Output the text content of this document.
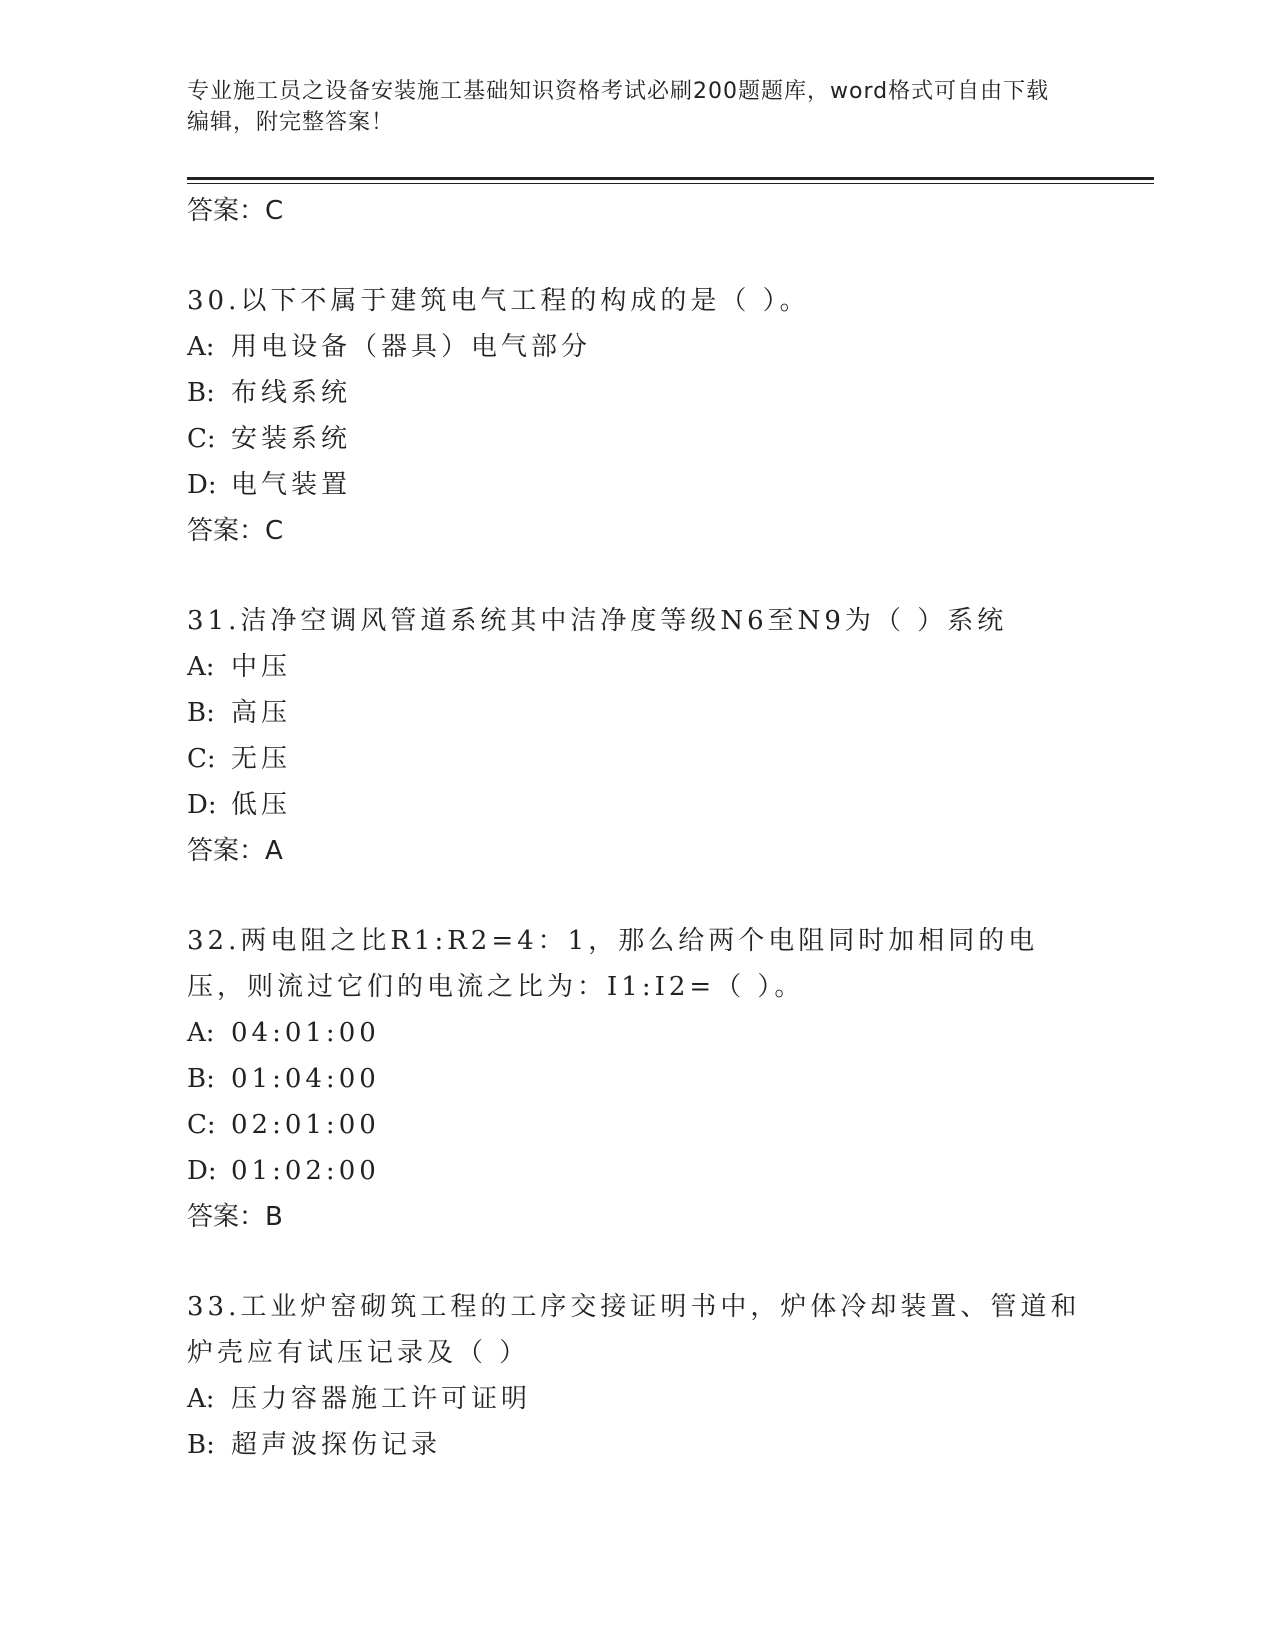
专业施工员之设备安装施工基础知识资格考试必刷200题题库，word格式可自由下载编辑，附完整答案！

答案：C

30.以下不属于建筑电气工程的构成的是（ ）。

A: 用电设备（器具）电气部分
B: 布线系统
C: 安装系统
D: 电气装置

答案：C

31.洁净空调风管道系统其中洁净度等级N6至N9为（ ）系统

A: 中压
B: 高压
C: 无压
D: 低压

答案：A

32.两电阻之比R1:R2=4：1，那么给两个电阻同时加相同的电压，则流过它们的电流之比为：I1:I2=（ ）。

A: 04:01:00
B: 01:04:00
C: 02:01:00
D: 01:02:00

答案：B

33.工业炉窑砌筑工程的工序交接证明书中，炉体冷却装置、管道和炉壳应有试压记录及（ ）

A: 压力容器施工许可证明
B: 超声波探伤记录
